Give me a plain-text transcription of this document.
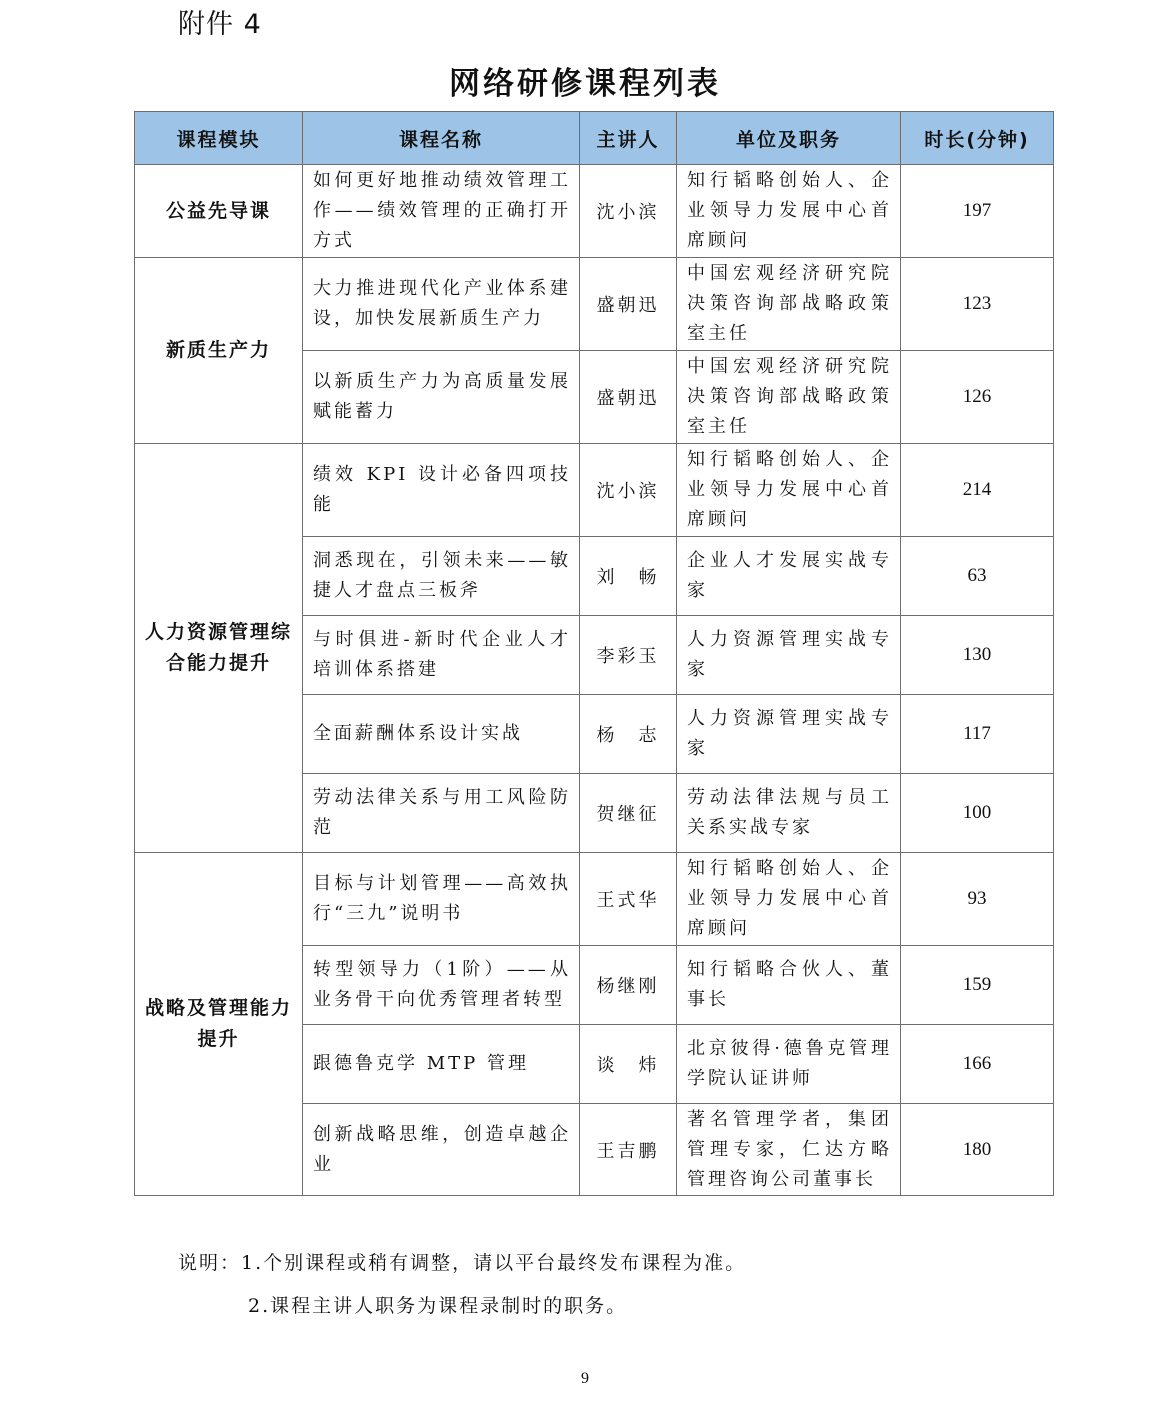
附件 4
网络研修课程列表
课程模块	课程名称	主讲人	单位及职务	时长(分钟)
公益先导课	如何更好地推动绩效管理工作——绩效管理的正确打开方式	沈小滨	知行韬略创始人、企业领导力发展中心首席顾问	197
新质生产力	大力推进现代化产业体系建设，加快发展新质生产力	盛朝迅	中国宏观经济研究院决策咨询部战略政策室主任	123
	以新质生产力为高质量发展赋能蓄力	盛朝迅	中国宏观经济研究院决策咨询部战略政策室主任	126
人力资源管理综合能力提升	绩效 KPI 设计必备四项技能	沈小滨	知行韬略创始人、企业领导力发展中心首席顾问	214
	洞悉现在，引领未来——敏捷人才盘点三板斧	刘　畅	企业人才发展实战专家	63
	与时俱进-新时代企业人才培训体系搭建	李彩玉	人力资源管理实战专家	130
	全面薪酬体系设计实战	杨　志	人力资源管理实战专家	117
	劳动法律关系与用工风险防范	贺继征	劳动法律法规与员工关系实战专家	100
战略及管理能力提升	目标与计划管理——高效执行“三九”说明书	王式华	知行韬略创始人、企业领导力发展中心首席顾问	93
	转型领导力（1阶）——从业务骨干向优秀管理者转型	杨继刚	知行韬略合伙人、董事长	159
	跟德鲁克学 MTP 管理	谈　炜	北京彼得·德鲁克管理学院认证讲师	166
	创新战略思维，创造卓越企业	王吉鹏	著名管理学者，集团管理专家，仁达方略管理咨询公司董事长	180
说明：1.个别课程或稍有调整，请以平台最终发布课程为准。
2.课程主讲人职务为课程录制时的职务。
9
